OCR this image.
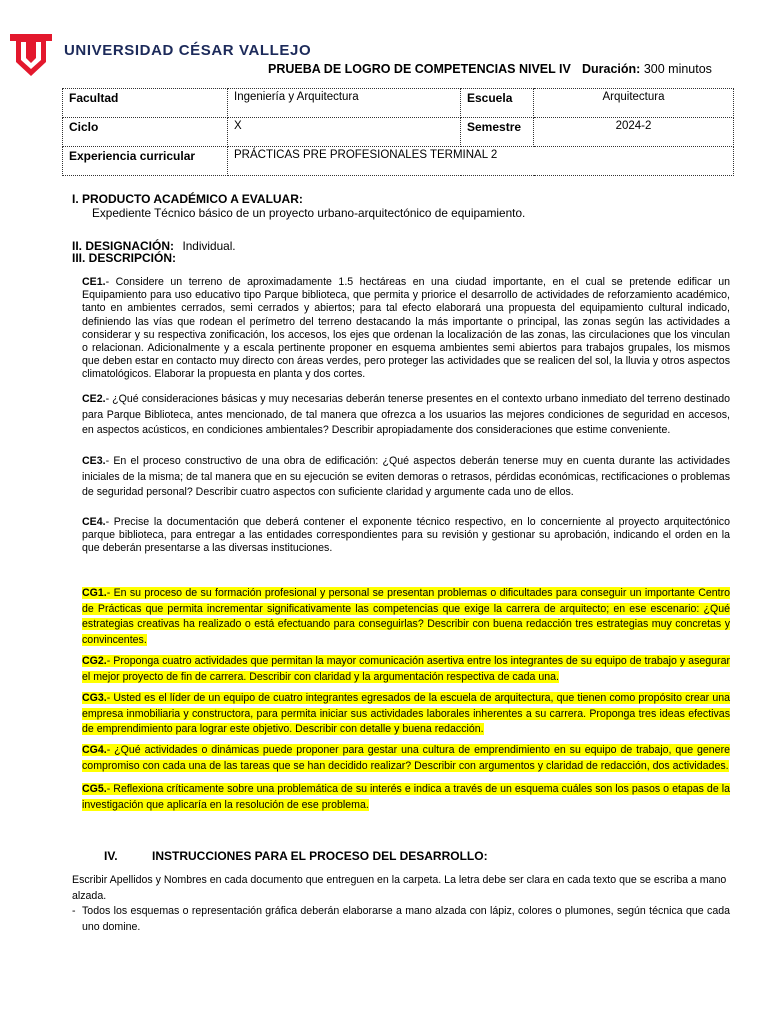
UNIVERSIDAD CÉSAR VALLEJO
PRUEBA DE LOGRO DE COMPETENCIAS NIVEL IV Duración: 300 minutos
Facultad	Ingeniería y Arquitectura	Escuela	Arquitectura
Ciclo	X	Semestre	2024-2
Experiencia curricular	PRÁCTICAS PRE PROFESIONALES TERMINAL 2		
I. PRODUCTO ACADÉMICO A EVALUAR:
Expediente Técnico básico de un proyecto urbano-arquitectónico de equipamiento.
II. DESIGNACIÓN: Individual.
III. DESCRIPCIÓN:
CE1.- Considere un terreno de aproximadamente 1.5 hectáreas en una ciudad importante, en el cual se pretende edificar un Equipamiento para uso educativo tipo Parque biblioteca, que permita y priorice el desarrollo de actividades de reforzamiento académico, tanto en ambientes cerrados, semi cerrados y abiertos; para tal efecto elaborará una propuesta del equipamiento cultural indicado, definiendo las vías que rodean el perímetro del terreno destacando la más importante o principal, las zonas según las actividades a considerar y su respectiva zonificación, los accesos, los ejes que ordenan la localización de las zonas, las circulaciones que los vinculan o relacionan. Adicionalmente y a escala pertinente proponer en esquema ambientes semi abiertos para trabajos grupales, los mismos que deben estar en contacto muy directo con áreas verdes, pero proteger las actividades que se realicen del sol, la lluvia y otros aspectos climatológicos. Elaborar la propuesta en planta y dos cortes.
CE2.- ¿Qué consideraciones básicas y muy necesarias deberán tenerse presentes en el contexto urbano inmediato del terreno destinado para Parque Biblioteca, antes mencionado, de tal manera que ofrezca a los usuarios las mejores condiciones de seguridad en accesos, en aspectos acústicos, en condiciones ambientales? Describir apropiadamente dos consideraciones que estime conveniente.
CE3.- En el proceso constructivo de una obra de edificación: ¿Qué aspectos deberán tenerse muy en cuenta durante las actividades iniciales de la misma; de tal manera que en su ejecución se eviten demoras o retrasos, pérdidas económicas, rectificaciones o problemas de seguridad personal? Describir cuatro aspectos con suficiente claridad y argumente cada uno de ellos.
CE4.- Precise la documentación que deberá contener el exponente técnico respectivo, en lo concerniente al proyecto arquitectónico parque biblioteca, para entregar a las entidades correspondientes para su revisión y gestionar su aprobación, indicando el orden en la que deberán presentarse a las diversas instituciones.
CG1.- En su proceso de su formación profesional y personal se presentan problemas o dificultades para conseguir un importante Centro de Prácticas que permita incrementar significativamente las competencias que exige la carrera de arquitecto; en ese escenario: ¿Qué estrategias creativas ha realizado o está efectuando para conseguirlas? Describir con buena redacción tres estrategias muy concretas y convincentes.
CG2.- Proponga cuatro actividades que permitan la mayor comunicación asertiva entre los integrantes de su equipo de trabajo y asegurar el mejor proyecto de fin de carrera. Describir con claridad y la argumentación respectiva de cada una.
CG3.- Usted es el líder de un equipo de cuatro integrantes egresados de la escuela de arquitectura, que tienen como propósito crear una empresa inmobiliaria y constructora, para permita iniciar sus actividades laborales inherentes a su carrera. Proponga tres ideas efectivas de emprendimiento para lograr este objetivo. Describir con detalle y buena redacción.
CG4.- ¿Qué actividades o dinámicas puede proponer para gestar una cultura de emprendimiento en su equipo de trabajo, que genere compromiso con cada una de las tareas que se han decidido realizar? Describir con argumentos y claridad de redacción, dos actividades.
CG5.- Reflexiona críticamente sobre una problemática de su interés e indica a través de un esquema cuáles son los pasos o etapas de la investigación que aplicaría en la resolución de ese problema.
IV.	INSTRUCCIONES PARA EL PROCESO DEL DESARROLLO:
Escribir Apellidos y Nombres en cada documento que entreguen en la carpeta. La letra debe ser clara en cada texto que se escriba a mano alzada.
- Todos los esquemas o representación gráfica deberán elaborarse a mano alzada con lápiz, colores o plumones, según técnica que cada uno domine.
